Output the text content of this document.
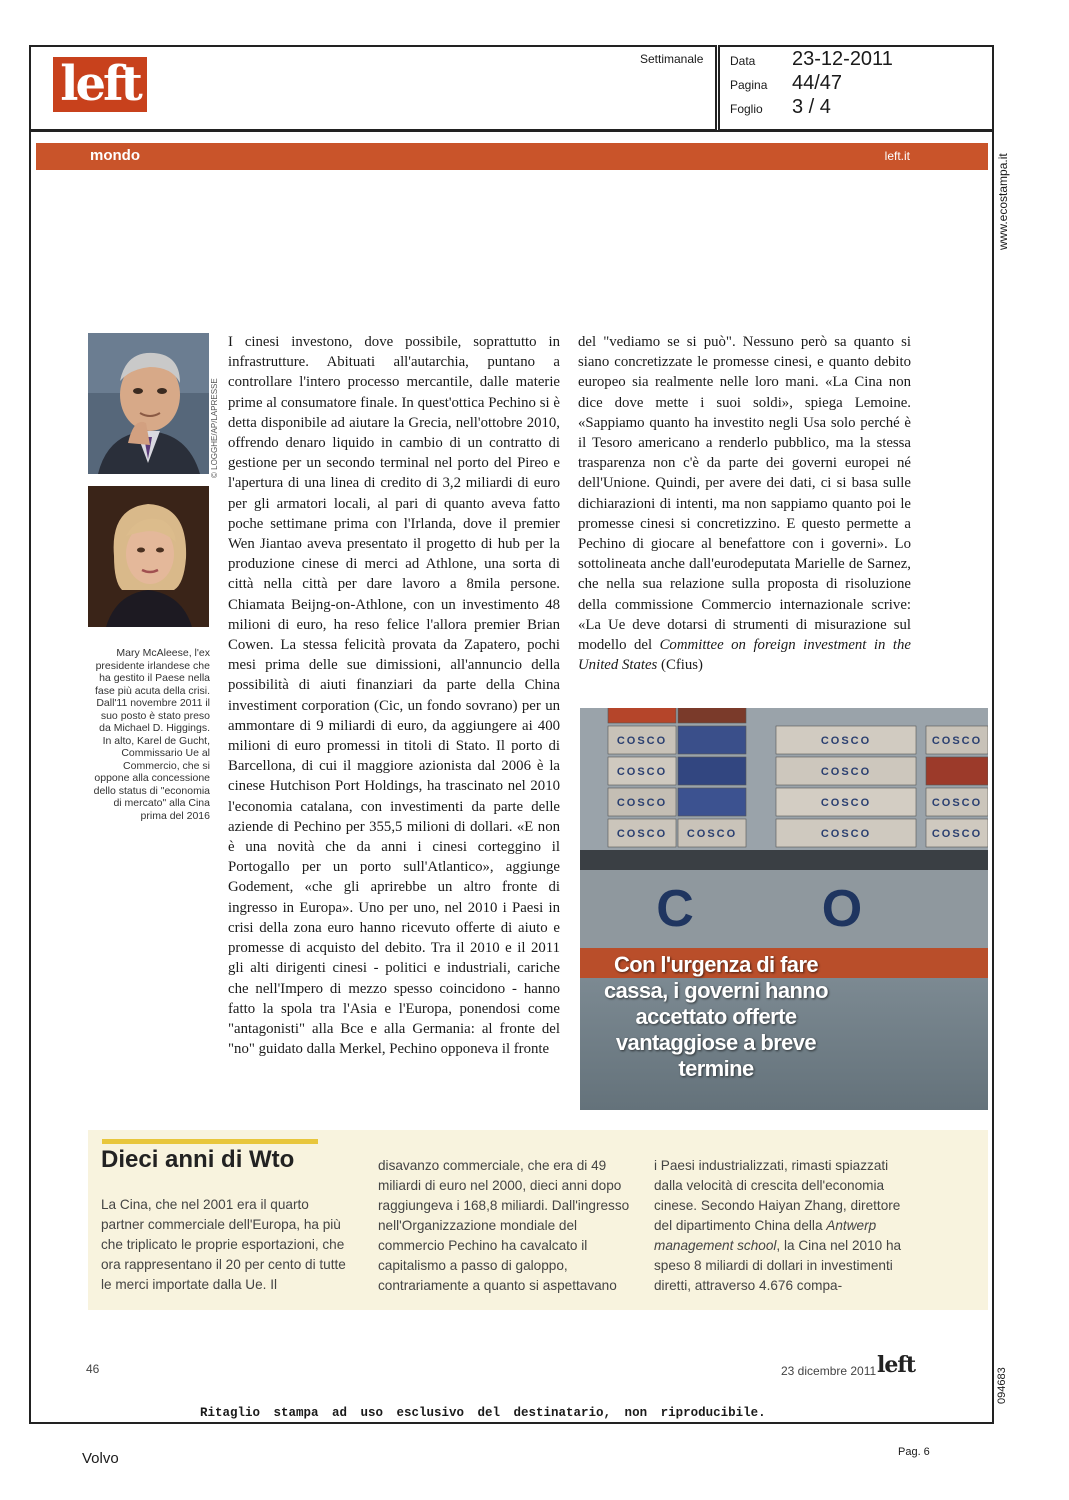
left	Settimanale Data 23-12-2011
Pagina 44/47
Foglio 3 / 4
www.ecostampa.it
094683
mondo	left.it
© LOGGHE/AP/LAPRESSE
Mary McAleese, l'ex presidente irlandese che ha gestito il Paese nella fase più acuta della crisi. Dall'11 novembre 2011 il suo posto è stato preso da Michael D. Higgings. In alto, Karel de Gucht, Commissario Ue al Commercio, che si oppone alla concessione dello status di "economia di mercato" alla Cina prima del 2016
I cinesi investono, dove possibile, soprattutto in infrastrutture. Abituati all'autarchia, puntano a controllare l'intero processo mercantile, dalle materie prime al consumatore finale. In quest'ottica Pechino si è detta disponibile ad aiutare la Grecia, nell'ottobre 2010, offrendo denaro liquido in cambio di un contratto di gestione per un secondo terminal nel porto del Pireo e l'apertura di una linea di credito di 3,2 miliardi di euro per gli armatori locali, al pari di quanto aveva fatto poche settimane prima con l'Irlanda, dove il premier Wen Jiantao aveva presentato il progetto di hub per la produzione cinese di merci ad Athlone, una sorta di città nella città per dare lavoro a 8mila persone. Chiamata Beijng-on-Athlone, con un investimento 48 milioni di euro, ha reso felice l'allora premier Brian Cowen. La stessa felicità provata da Zapatero, pochi mesi prima delle sue dimissioni, all'annuncio della possibilità di aiuti finanziari da parte della China investiment corporation (Cic, un fondo sovrano) per un ammontare di 9 miliardi di euro, da aggiungere ai 400 milioni di euro promessi in titoli di Stato. Il porto di Barcellona, di cui il maggiore azionista dal 2006 è la cinese Hutchison Port Holdings, ha trascinato nel 2010 l'economia catalana, con investimenti da parte delle aziende di Pechino per 355,5 milioni di dollari. «E non è una novità che da anni i cinesi corteggino il Portogallo per un porto sull'Atlantico», aggiunge Godement, «che gli aprirebbe un altro fronte di ingresso in Europa». Uno per uno, nel 2010 i Paesi in crisi della zona euro hanno ricevuto offerte di aiuto e promesse di acquisto del debito. Tra il 2010 e il 2011 gli alti dirigenti cinesi - politici e industriali, cariche che nell'Impero di mezzo spesso coincidono - hanno fatto la spola tra l'Asia e l'Europa, ponendosi come "antagonisti" alla Bce e alla Germania: al fronte del "no" guidato dalla Merkel, Pechino opponeva il fronte
del "vediamo se si può". Nessuno però sa quanto si siano concretizzate le promesse cinesi, e quanto debito europeo sia realmente nelle loro mani. «La Cina non dice dove mette i suoi soldi», spiega Lemoine. «Sappiamo quanto ha investito negli Usa solo perché è il Tesoro americano a renderlo pubblico, ma la stessa trasparenza non c'è da parte dei governi europei né dell'Unione. Quindi, per avere dei dati, ci si basa sulle dichiarazioni di intenti, ma non sappiamo quanto poi le promesse cinesi si concretizzino. E questo permette a Pechino di giocare al benefattore con i governi». Lo sottolineata anche dall'eurodeputata Marielle de Sarnez, che nella sua relazione sulla proposta di risoluzione della commissione Commercio internazionale scrive: «La Ue deve dotarsi di strumenti di misurazione sul modello del Committee on foreign investment in the United States (Cfius)
COSCO
COSCO
COSCO
COSCO COSCO
COSCO
COSCO
COSCO
COSCO
COSCO
COSCO
COSCO
C O
Con l'urgenza di fare cassa, i governi hanno accettato offerte vantaggiose a breve termine
Dieci anni di Wto
La Cina, che nel 2001 era il quarto partner commerciale dell'Europa, ha più che triplicato le proprie esportazioni, che ora rappresentano il 20 per cento di tutte le merci importate dalla Ue. Il
disavanzo commerciale, che era di 49 miliardi di euro nel 2000, dieci anni dopo raggiungeva i 168,8 miliardi. Dall'ingresso nell'Organizzazione mondiale del commercio Pechino ha cavalcato il capitalismo a passo di galoppo, contrariamente a quanto si aspettavano
i Paesi industrializzati, rimasti spiazzati dalla velocità di crescita dell'economia cinese. Secondo Haiyan Zhang, direttore del dipartimento China della Antwerp management school, la Cina nel 2010 ha speso 8 miliardi di dollari in investimenti diretti, attraverso 4.676 compa-
46	23 dicembre 2011 left
Ritaglio stampa ad uso esclusivo del destinatario, non riproducibile.
Volvo	Pag. 6
